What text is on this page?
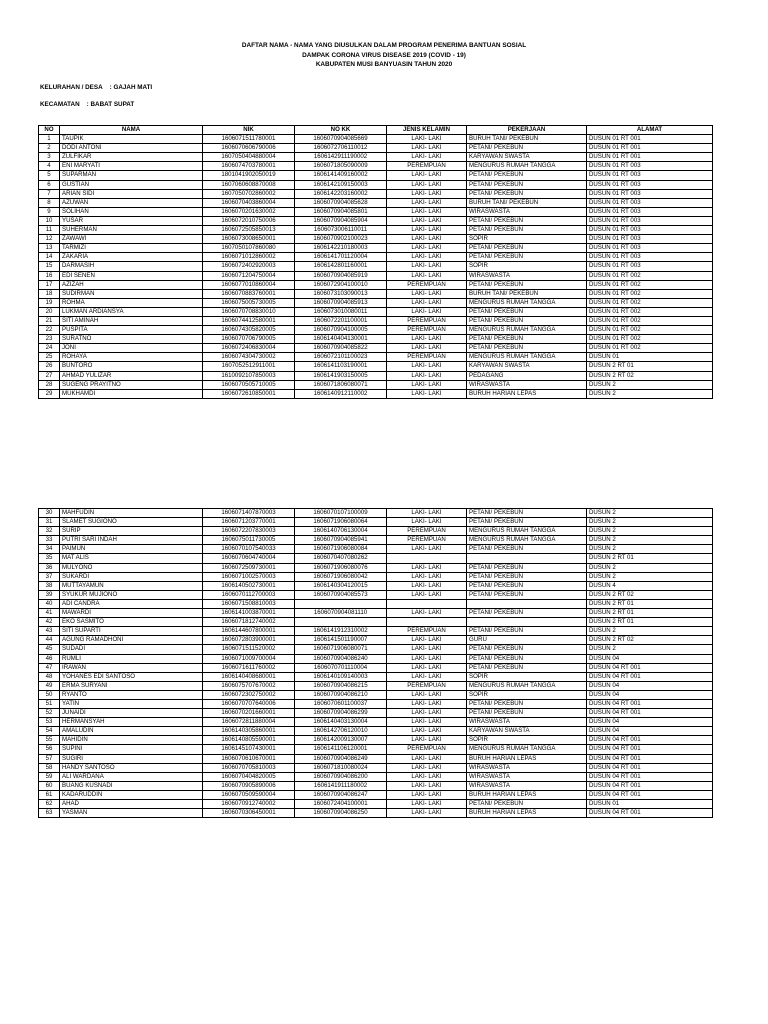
DAFTAR NAMA - NAMA YANG DIUSULKAN DALAM PROGRAM PENERIMA BANTUAN SOSIAL
DAMPAK CORONA VIRUS DISEASE 2019 (COVID - 19)
KABUPATEN MUSI BANYUASIN TAHUN 2020
KELURAHAN / DESA : GAJAH MATI
KECAMATAN : BABAT SUPAT
NO	NAMA	NIK	NO KK	JENIS KELAMIN	PEKERJAAN	ALAMAT
1	TAUPIK	1606071511780001	1606070904085669	LAKI- LAKI	BURUH TANI/ PEKEBUN	DUSUN 01 RT 001
2	DODI ANTONI	1606070606790006	1606072706110012	LAKI- LAKI	PETANI/ PEKEBUN	DUSUN 01 RT 001
3	ZULFIKAR	1607050404880004	1606142911190002	LAKI- LAKI	KARYAWAN SWASTA	DUSUN 01 RT 001
4	ENI MARYATI	1606074703780001	1606071805090009	PEREMPUAN	MENGURUS RUMAH TANGGA	DUSUN 01 RT 003
5	SUPARMAN	1801041902050019	1606141409160002	LAKI- LAKI	PETANI/ PEKEBUN	DUSUN 01 RT 003
6	GUSTIAN	1607060608870008	1606142109150003	LAKI- LAKI	PETANI/ PEKEBUN	DUSUN 01 RT 003
7	ARIAN SIDI	1607050702860002	1606142203160002	LAKI- LAKI	PETANI/ PEKEBUN	DUSUN 01 RT 003
8	AZUWAN	1606070403860004	1606070904085628	LAKI- LAKI	BURUH TANI/ PEKEBUN	DUSUN 01 RT 003
9	SOLIHAN	1606070201630002	1606070904085801	LAKI- LAKI	WIRASWASTA	DUSUN 01 RT 003
10	YUSAR	1606072010750006	1606070904085904	LAKI- LAKI	PETANI/ PEKEBUN	DUSUN 01 RT 003
11	SUHERMAN	1606072505850013	1606073006110011	LAKI- LAKI	PETANI/ PEKEBUN	DUSUN 01 RT 003
12	ZAWAWI	1606073008650001	1606070902100023	LAKI- LAKI	SOPIR	DUSUN 01 RT 003
13	TARMIZI	1607050107860080	1606142210180003	LAKI- LAKI	PETANI/ PEKEBUN	DUSUN 01 RT 003
14	ZAKARIA	1606071012860002	1606141701120004	LAKI- LAKI	PETANI/ PEKEBUN	DUSUN 01 RT 003
15	DARMASIH	1606072402920003	1606142801160001	LAKI- LAKI	SOPIR	DUSUN 01 RT 003
16	EDI SENEN	1606071204750004	1606070904085919	LAKI- LAKI	WIRASWASTA	DUSUN 01 RT 002
17	AZIZAH	1606077010860004	1606072904100010	PEREMPUAN	PETANI/ PEKEBUN	DUSUN 01 RT 002
18	SUDIRMAN	1606070883760001	1606073103090013	LAKI- LAKI	BURUH TANI/ PEKEBUN	DUSUN 01 RT 002
19	ROHMA	1606075005730005	1606070904085913	LAKI- LAKI	MENGURUS RUMAH TANGGA	DUSUN 01 RT 002
20	LUKMAN ARDIANSYA	1606070708830010	1606073010080011	LAKI- LAKI	PETANI/ PEKEBUN	DUSUN 01 RT 002
21	SITI AMINAH	1606074412580001	1606072201100001	PEREMPUAN	PETANI/ PEKEBUN	DUSUN 01 RT 002
22	PUSPITA	1606074305820005	1606070904100005	PEREMPUAN	MENGURUS RUMAH TANGGA	DUSUN 01 RT 002
23	SURATNO	1606070706790005	1606140404130001	LAKI- LAKI	PETANI/ PEKEBUN	DUSUN 01 RT 002
24	JONI	1606072406830004	1606070904085822	LAKI- LAKI	PETANI/ PEKEBUN	DUSUN 01 RT 002
25	ROHAYA	1606074304730002	1606072101100023	PEREMPUAN	MENGURUS RUMAH TANGGA	DUSUN 01
26	BUNTORO	1607052512911001	1606141103190001	LAKI- LAKI	KARYAWAN SWASTA	DUSUN 2 RT 01
27	AHMAD YULIZAR	1610092107850003	1606141903150005	LAKI- LAKI	PEDAGANG	DUSUN 2 RT 02
28	SUGENG PRAYITNO	1606070505710005	1606071806080071	LAKI- LAKI	WIRASWASTA	DUSUN 2
29	MUKHAMDI	1606072610850001	1606140912110002	LAKI- LAKI	BURUH HARIAN LEPAS	DUSUN 2
30	MAHFUDIN	1606071407870003	1606070107100009	LAKI- LAKI	PETANI/ PEKEBUN	DUSUN 2
31	SLAMET SUGIONO	1606071203770001	1606071906080064	LAKI- LAKI	PETANI/ PEKEBUN	DUSUN 2
32	SURIP	1606072207830003	1606140706130004	PEREMPUAN	MENGURUS RUMAH TANGGA	DUSUN 2
33	PUTRI SARI INDAH	1606075011730005	1606070904085941	PEREMPUAN	MENGURUS RUMAH TANGGA	DUSUN 2
34	PAIMUN	1606070107540033	1606071906080084	LAKI- LAKI	PETANI/ PEKEBUN	DUSUN 2
35	MAT ALIS	1606070604740004	1606070407080262			DUSUN 2 RT 01
36	MULYONO	1606072509730001	1606071906080076	LAKI- LAKI	PETANI/ PEKEBUN	DUSUN 2
37	SUKARDI	1606071002570003	1606071906080042	LAKI- LAKI	PETANI/ PEKEBUN	DUSUN 2
38	MUTTAYAMUN	1606140502730001	1606140304120015	LAKI- LAKI	PETANI/ PEKEBUN	DUSUN 4
39	SYUKUR MUJIONO	1606070112700003	1606070904085573	LAKI- LAKI	PETANI/ PEKEBUN	DUSUN 2 RT 02
40	ADI CANDRA	1606071508810003				DUSUN 2 RT 01
41	MAWARDI	1606141003870001	1606070904081110	LAKI- LAKI	PETANI/ PEKEBUN	DUSUN 2 RT 01
42	EKO SASMITO	1606071812740002				DUSUN 2 RT 01
43	SITI SUPARTI	1606144607800001	1606141912310002	PEREMPUAN	PETANI/ PEKEBUN	DUSUN 2
44	AGUNG RAMADHONI	1606072803900001	1606141501190007	LAKI- LAKI	GURU	DUSUN 2 RT 02
45	SUDADI	1606071511520002	1606071906080071	LAKI- LAKI	PETANI/ PEKEBUN	DUSUN 2
46	RUMLI	1606071009700004	1606070904086240	LAKI- LAKI	PETANI/ PEKEBUN	DUSUN 04
47	IRAWAN	1606071611760002	1606070701110004	LAKI- LAKI	PETANI/ PEKEBUN	DUSUN 04 RT 001
48	YOHANES EDI SANTOSO	1606140408680001	1606140109140003	LAKI- LAKI	SOPIR	DUSUN 04 RT 001
49	ERMA SURYANI	1606075707670002	1606070904086215	PEREMPUAN	MENGURUS RUMAH TANGGA	DUSUN 04
50	RYANTO	1606072302750002	1606070904086210	LAKI- LAKI	SOPIR	DUSUN 04
51	YATIN	1606070707640006	1606070601100037	LAKI- LAKI	PETANI/ PEKEBUN	DUSUN 04 RT 001
52	JUNAIDI	1606070201660001	1606070904086299	LAKI- LAKI	PETANI/ PEKEBUN	DUSUN 04 RT 001
53	HERMANSYAH	1606072811880004	1606140403130004	LAKI- LAKI	WIRASWASTA	DUSUN 04
54	AMALUDIN	1606140305860001	1606142706120010	LAKI- LAKI	KARYAWAN SWASTA	DUSUN 04
55	MAHIDIN	1606140805590001	1606142009130007	LAKI- LAKI	SOPIR	DUSUN 04 RT 001
56	SUPINI	1606145107430001	1606141106120001	PEREMPUAN	MENGURUS RUMAH TANGGA	DUSUN 04 RT 001
57	SUGIRI	1606070610670001	1606070904086249	LAKI- LAKI	BURUH HARIAN LEPAS	DUSUN 04 RT 001
58	HANDY SANTOSO	1606070705810003	1606071810080024	LAKI- LAKI	WIRASWASTA	DUSUN 04 RT 001
59	ALI WARDANA	1606070404820005	1606070904086200	LAKI- LAKI	WIRASWASTA	DUSUN 04 RT 001
60	BUANG KUSNADI	1606070905890006	1606141911180002	LAKI- LAKI	WIRASWASTA	DUSUN 04 RT 001
61	KADARUDDIN	1606070509590004	1606070904086247	LAKI- LAKI	BURUH HARIAN LEPAS	DUSUN 04 RT 001
62	AHAD	1606070912740002	1606072404100001	LAKI- LAKI	PETANI/ PEKEBUN	DUSUN 01
63	YASMAN	1606070306450001	1606070904086250	LAKI- LAKI	BURUH HARIAN LEPAS	DUSUN 04 RT 001
